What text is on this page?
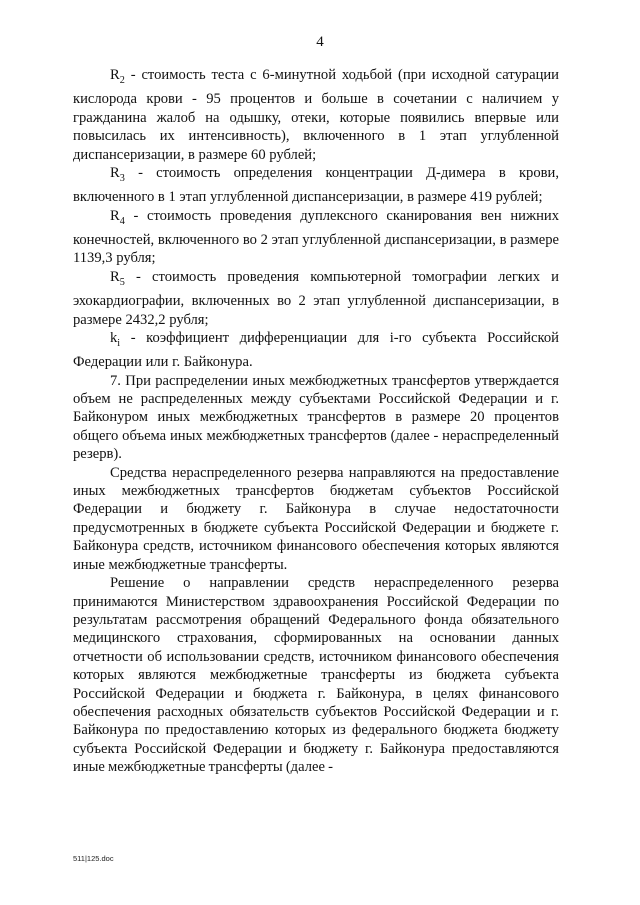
4

$R_2$ - стоимость теста с 6-минутной ходьбой (при исходной сатурации кислорода крови - 95 процентов и больше в сочетании с наличием у гражданина жалоб на одышку, отеки, которые появились впервые или повысилась их интенсивность), включенного в 1 этап углубленной диспансеризации, в размере 60 рублей;

$R_3$ - стоимость определения концентрации Д-димера в крови, включенного в 1 этап углубленной диспансеризации, в размере 419 рублей;

$R_4$ - стоимость проведения дуплексного сканирования вен нижних конечностей, включенного во 2 этап углубленной диспансеризации, в размере 1139,3 рубля;

$R_5$ - стоимость проведения компьютерной томографии легких и эхокардиографии, включенных во 2 этап углубленной диспансеризации, в размере 2432,2 рубля;

$k_i$ - коэффициент дифференциации для i-го субъекта Российской Федерации или г. Байконура.

7. При распределении иных межбюджетных трансфертов утверждается объем не распределенных между субъектами Российской Федерации и г. Байконуром иных межбюджетных трансфертов в размере 20 процентов общего объема иных межбюджетных трансфертов (далее - нераспределенный резерв).

Средства нераспределенного резерва направляются на предоставление иных межбюджетных трансфертов бюджетам субъектов Российской Федерации и бюджету г. Байконура в случае недостаточности предусмотренных в бюджете субъекта Российской Федерации и бюджете г. Байконура средств, источником финансового обеспечения которых являются иные межбюджетные трансферты.

Решение о направлении средств нераспределенного резерва принимаются Министерством здравоохранения Российской Федерации по результатам рассмотрения обращений Федерального фонда обязательного медицинского страхования, сформированных на основании данных отчетности об использовании средств, источником финансового обеспечения которых являются межбюджетные трансферты из бюджета субъекта Российской Федерации и бюджета г. Байконура, в целях финансового обеспечения расходных обязательств субъектов Российской Федерации и г. Байконура по предоставлению которых из федерального бюджета бюджету субъекта Российской Федерации и бюджету г. Байконура предоставляются иные межбюджетные трансферты (далее -

511|125.doc
